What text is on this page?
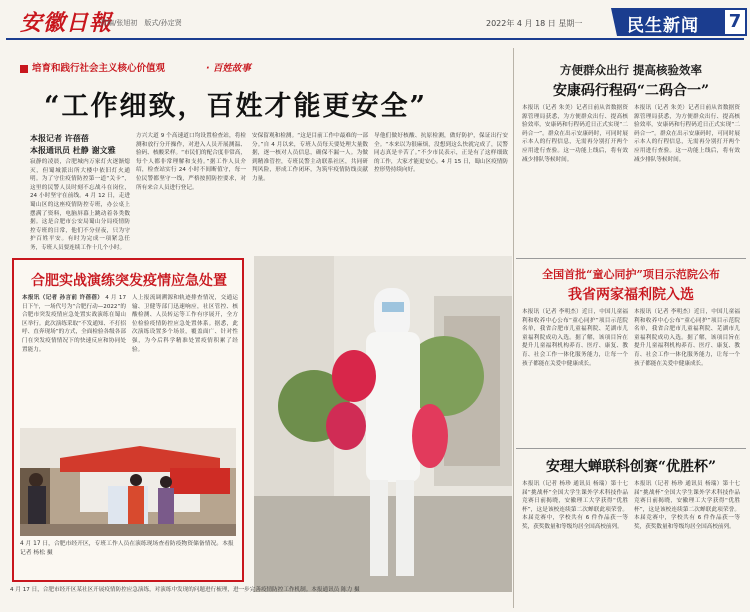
安徽日報
责编/张旭初　版式/孙定贤	2022年 4 月 18 日 星期一	民生新闻	7
培育和践行社会主义核心价值观	· 百姓故事
“工作细致，百姓才能更安全”
本报记者 许蓓蓓
本报通讯员 杜静 谢文雅
寂静的凌晨，合肥城内万家灯火逐渐熄灭，但蜀城派出所大楼中依旧灯火通明。为了守住疫情防控第一道“关卡”，这里的民警人员时刻不忘战斗在岗位，24 小时坚守在前线。4 月 12 日，走进蜀山区的这座疫情防控专班，办公桌上摆满了资料，电脑屏幕上跳动着各类数据。这是合肥市公安局蜀山分局疫情防控专班的日常，他们不分昼夜，只为守护百姓平安。有时为完成一项紧急任务，专班人员要连续工作十几个小时。
方兴大道 9 个高速道口均设置检查站，将检测和放行分开操作，对进入人员开展测温、验码、核酸采样。“市民们的配合度非常高，每个人都非常理解和支持。”据工作人员介绍，检查站实行 24 小时不间断值守，每一位民警都坚守一线，严格按照防控要求，对所有来合人员进行登记。
安保留观和检测。“这是目前工作中最难的一部分。”自 4 月以来，专班人员每天要处理大量数据，逐一核对人员信息，确保不漏一人。为做到精准管控，专班民警主动联系社区，共同研判风险，形成工作闭环，为筑牢疫情防线贡献力量。
导他们做好核酸、抗原检测，做好防护，保证出行安全。“本来以为很麻烦，没想到这么快就完成了，民警同志真是辛苦了。”不少市民表示，正是有了这样细致的工作，大家才能更安心。4 月 15 日，蜀山区疫情防控形势持续向好。
合肥实战演练突发疫情应急处置
本报讯（记者 孙言前 许蓓蓓） 4 月 17 日下午，一场代号为“合肥行动—2022”的合肥市突发疫情应急处置实战演练在蜀山区举行。此次演练采取“不发通知、不打招呼、直奔现场”的方式，全面检验各级各部门在突发疫情情况下的快速反应和协同处置能力。
人上报流调溯源和轨迹排查情况，交通运输、卫健等部门迅速响应，社区管控、核酸检测、人员转运等工作有序展开，全方位检验疫情防控应急处置体系。据悉，此次演练设置多个场景，覆盖面广、针对性强，为今后科学精准处置疫情积累了经验。
4 月 17 日，合肥市经开区，专班工作人员在演练现场查看防疫物资储备情况。本报记者 杨松 摄
4 月 17 日，合肥市经开区某社区开展疫情防控应急演练，对演练中发现的问题进行梳理，进一步完善疫情防控工作机制。本报通讯员 陈力 摄
方便群众出行 提高核验效率
安康码行程码“二码合一”
本报讯（记者 朱美）记者日前从省数据资源管理局获悉，为方便群众出行、提高核验效率，安康码和行程码近日正式实现“二码合一”。群众在出示安康码时，可同时展示本人的行程信息，无需再分别打开两个应用进行查验。这一功能上线后，将有效减少排队等候时间。
本报讯（记者 朱美）记者日前从省数据资源管理局获悉，为方便群众出行、提高核验效率，安康码和行程码近日正式实现“二码合一”。群众在出示安康码时，可同时展示本人的行程信息，无需再分别打开两个应用进行查验。这一功能上线后，将有效减少排队等候时间。
全国首批“童心同护”项目示范院公布
我省两家福利院入选
本报讯（记者 李明杰）近日，中国儿童福利和收养中心公布“童心同护”项目示范院名单，我省合肥市儿童福利院、芜湖市儿童福利院成功入选。据了解，该项目旨在提升儿童福利机构养育、医疗、康复、教育、社会工作一体化服务能力，让每一个孩子都能在关爱中健康成长。
本报讯（记者 李明杰）近日，中国儿童福利和收养中心公布“童心同护”项目示范院名单，我省合肥市儿童福利院、芜湖市儿童福利院成功入选。据了解，该项目旨在提升儿童福利机构养育、医疗、康复、教育、社会工作一体化服务能力，让每一个孩子都能在关爱中健康成长。
安理大蝉联科创赛“优胜杯”
本报讯（记者 杨珍 通讯员 杨瑞）第十七届“挑战杯”全国大学生课外学术科技作品竞赛日前揭晓，安徽理工大学获得“优胜杯”，这是该校连续第二次蝉联此项荣誉。本届竞赛中，学校共有 6 件作品获一等奖，获奖数量和等级均居全国高校前列。
本报讯（记者 杨珍 通讯员 杨瑞）第十七届“挑战杯”全国大学生课外学术科技作品竞赛日前揭晓，安徽理工大学获得“优胜杯”，这是该校连续第二次蝉联此项荣誉。本届竞赛中，学校共有 6 件作品获一等奖，获奖数量和等级均居全国高校前列。
